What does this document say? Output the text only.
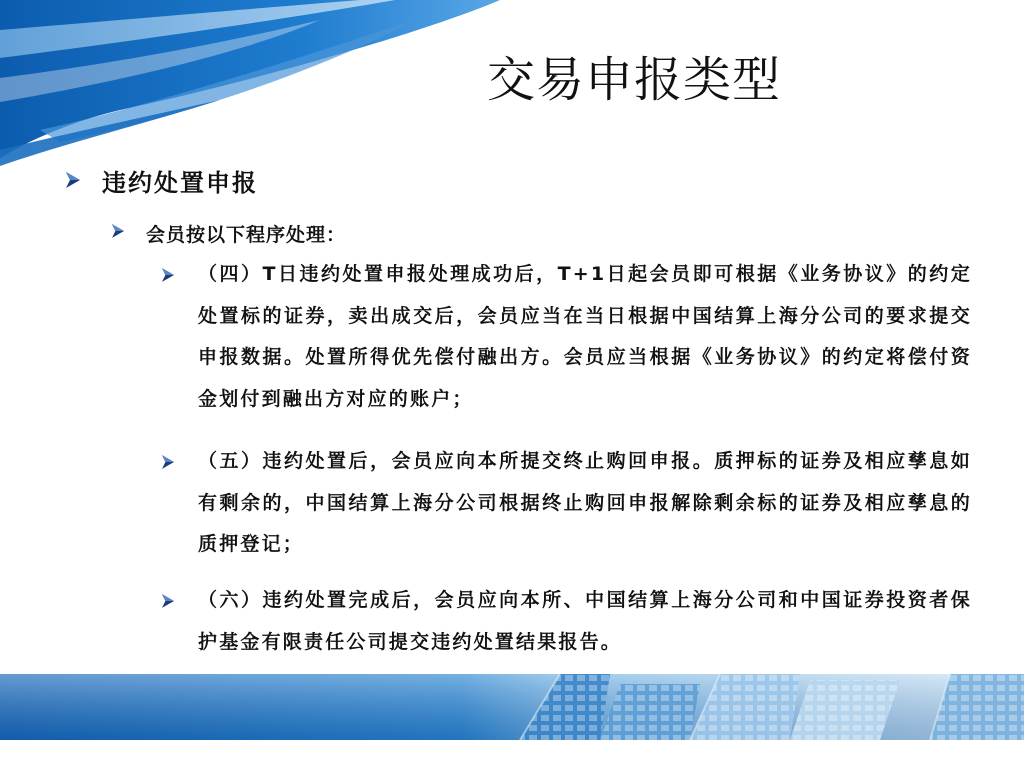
交易申报类型
违约处置申报
会员按以下程序处理：
（四）T日违约处置申报处理成功后，T+1日起会员即可根据《业务协议》的约定处置标的证券，卖出成交后，会员应当在当日根据中国结算上海分公司的要求提交申报数据。处置所得优先偿付融出方。会员应当根据《业务协议》的约定将偿付资金划付到融出方对应的账户；
（五）违约处置后，会员应向本所提交终止购回申报。质押标的证券及相应孳息如有剩余的，中国结算上海分公司根据终止购回申报解除剩余标的证券及相应孳息的质押登记；
（六）违约处置完成后，会员应向本所、中国结算上海分公司和中国证券投资者保护基金有限责任公司提交违约处置结果报告。
